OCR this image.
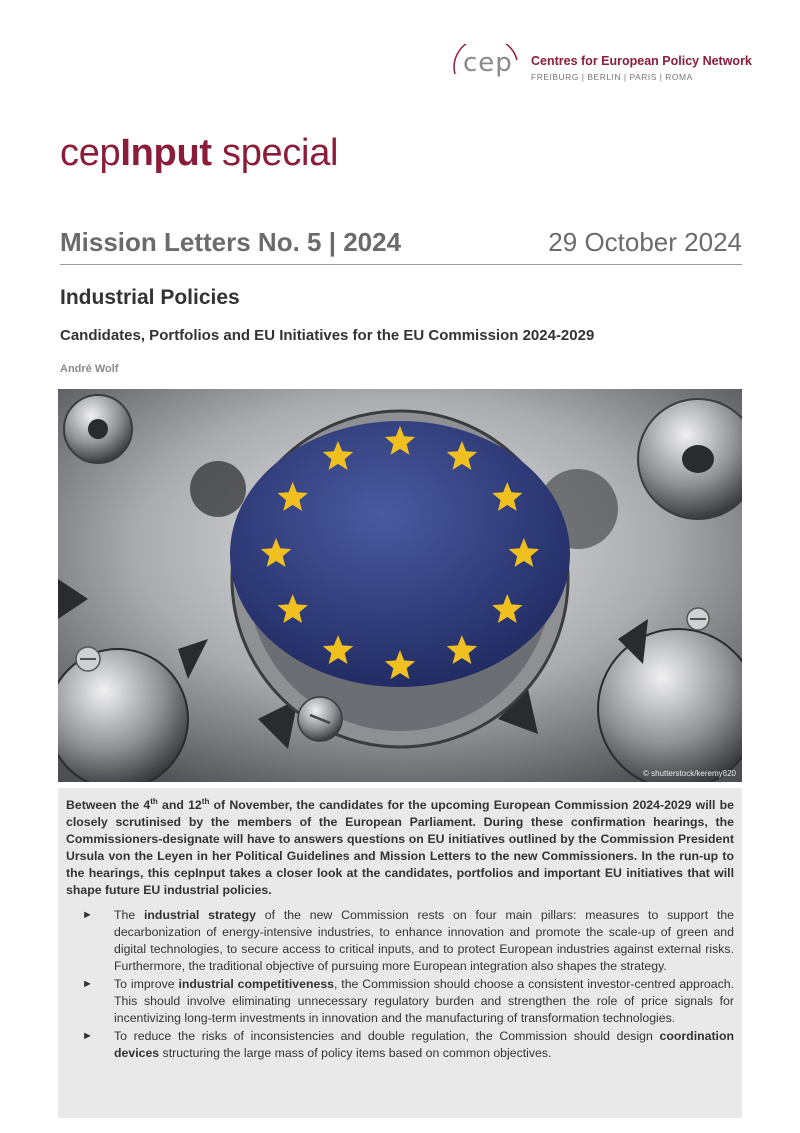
cep Centres for European Policy Network
FREIBURG | BERLIN | PARIS | ROMA
cepInput special
Mission Letters No. 5 | 2024	29 October 2024
Industrial Policies
Candidates, Portfolios and EU Initiatives for the EU Commission 2024-2029
André Wolf
© shutterstock/keremy820

Between the 4th and 12th of November, the candidates for the upcoming European Commission 2024-2029 will be closely scrutinised by the members of the European Parliament. During these confirmation hearings, the Commissioners-designate will have to answers questions on EU initiatives outlined by the Commission President Ursula von the Leyen in her Political Guidelines and Mission Letters to the new Commissioners. In the run-up to the hearings, this cepInput takes a closer look at the candidates, portfolios and important EU initiatives that will shape future EU industrial policies.

► The industrial strategy of the new Commission rests on four main pillars: measures to support the decarbonization of energy-intensive industries, to enhance innovation and promote the scale-up of green and digital technologies, to secure access to critical inputs, and to protect European industries against external risks. Furthermore, the traditional objective of pursuing more European integration also shapes the strategy.
► To improve industrial competitiveness, the Commission should choose a consistent investor-centred approach. This should involve eliminating unnecessary regulatory burden and strengthen the role of price signals for incentivizing long-term investments in innovation and the manufacturing of transformation technologies.
► To reduce the risks of inconsistencies and double regulation, the Commission should design coordination devices structuring the large mass of policy items based on common objectives.
